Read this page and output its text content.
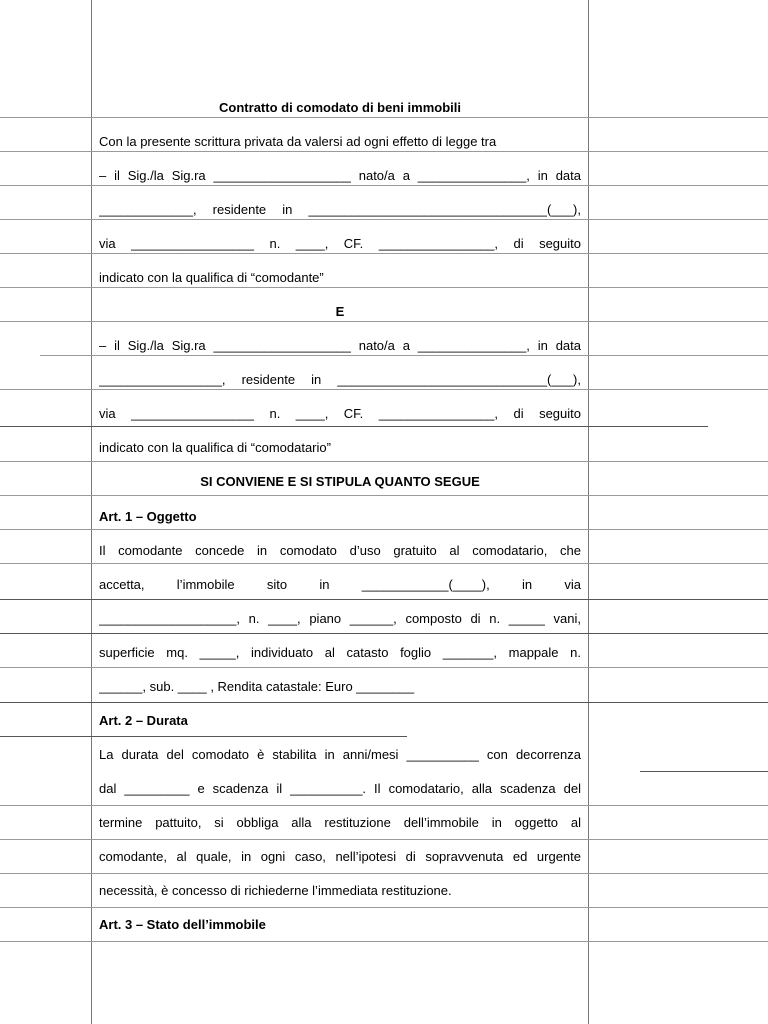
Contratto di comodato di beni immobili
Con la presente scrittura privata da valersi ad ogni effetto di legge tra
– il Sig./la Sig.ra ___________________ nato/a a _______________, in data
_____________, residente in _________________________________(___),
via _________________ n. ____, CF. ________________, di seguito
indicato con la qualifica di “comodante”
E
– il Sig./la Sig.ra ___________________ nato/a a _______________, in data
_________________, residente in _____________________________(___),
via _________________ n. ____, CF. ________________, di seguito
indicato con la qualifica di “comodatario”
SI CONVIENE E SI STIPULA QUANTO SEGUE
Art. 1 – Oggetto
Il comodante concede in comodato d’uso gratuito al comodatario, che
accetta, l’immobile sito in ____________(____), in via
___________________, n. ____, piano ______, composto di n. _____ vani,
superficie mq. _____, individuato al catasto foglio _______, mappale n.
______, sub. ____ , Rendita catastale: Euro ________
Art. 2 – Durata
La durata del comodato è stabilita in anni/mesi __________ con decorrenza
dal _________ e scadenza il __________. Il comodatario, alla scadenza del
termine pattuito, si obbliga alla restituzione dell’immobile in oggetto al
comodante, al quale, in ogni caso, nell’ipotesi di sopravvenuta ed urgente
necessità, è concesso di richiederne l’immediata restituzione.
Art. 3 – Stato dell’immobile
